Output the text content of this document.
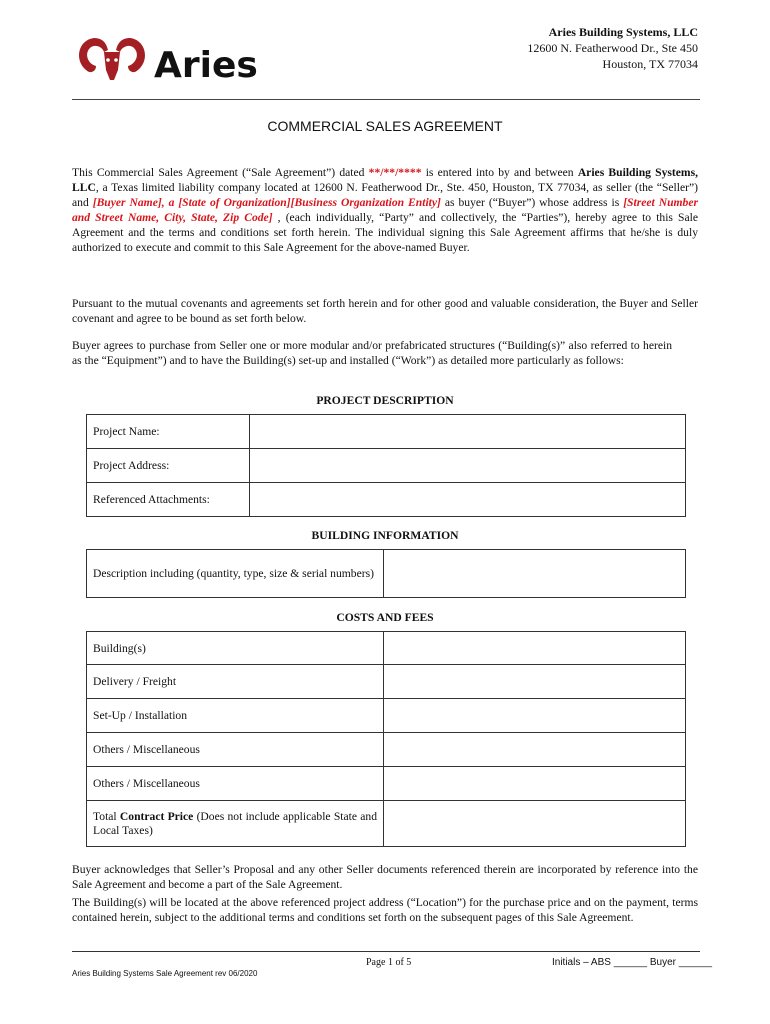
Aries
Aries Building Systems, LLC
12600 N. Featherwood Dr., Ste 450
Houston, TX 77034
COMMERCIAL SALES AGREEMENT
This Commercial Sales Agreement (“Sale Agreement”) dated **/**/**** is entered into by and between Aries Building Systems, LLC, a Texas limited liability company located at 12600 N. Featherwood Dr., Ste. 450, Houston, TX 77034, as seller (the “Seller”) and [Buyer Name], a [State of Organization][Business Organization Entity] as buyer (“Buyer”) whose address is [Street Number and Street Name, City, State, Zip Code] , (each individually, “Party” and collectively, the “Parties”), hereby agree to this Sale Agreement and the terms and conditions set forth herein. The individual signing this Sale Agreement affirms that he/she is duly authorized to execute and commit to this Sale Agreement for the above-named Buyer.
Pursuant to the mutual covenants and agreements set forth herein and for other good and valuable consideration, the Buyer and Seller covenant and agree to be bound as set forth below.
Buyer agrees to purchase from Seller one or more modular and/or prefabricated structures (“Building(s)” also referred to herein as the “Equipment”) and to have the Building(s) set-up and installed (“Work”) as detailed more particularly as follows:
PROJECT DESCRIPTION
Project Name:	
Project Address:	
Referenced Attachments:	
BUILDING INFORMATION
Description including (quantity, type, size & serial numbers)	
COSTS AND FEES
Building(s)	
Delivery / Freight	
Set-Up / Installation	
Others / Miscellaneous	
Others / Miscellaneous	
Total Contract Price (Does not include applicable State and Local Taxes)	
Buyer acknowledges that Seller’s Proposal and any other Seller documents referenced therein are incorporated by reference into the Sale Agreement and become a part of the Sale Agreement.
The Building(s) will be located at the above referenced project address (“Location”) for the purchase price and on the payment, terms contained herein, subject to the additional terms and conditions set forth on the subsequent pages of this Sale Agreement.
Page 1 of 5	Initials – ABS ______ Buyer ______
Aries Building Systems Sale Agreement rev 06/2020
